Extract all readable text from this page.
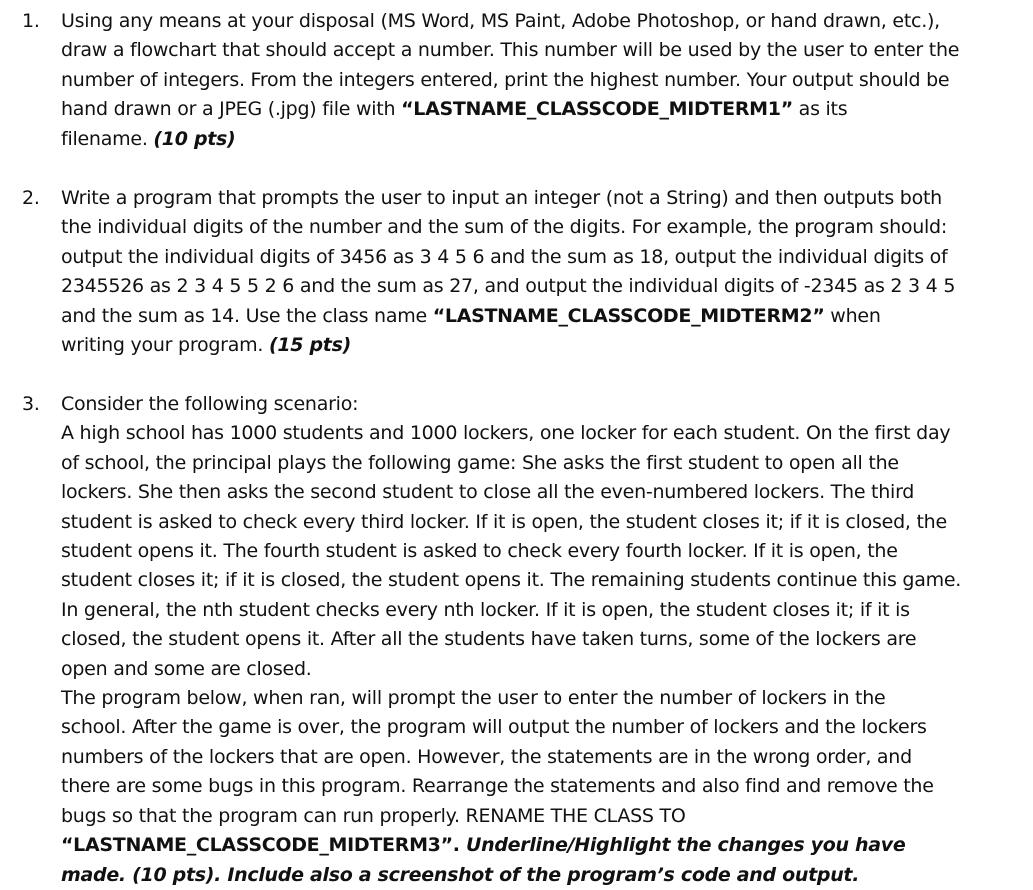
1. Using any means at your disposal (MS Word, MS Paint, Adobe Photoshop, or hand drawn, etc.),
draw a flowchart that should accept a number. This number will be used by the user to enter the
number of integers. From the integers entered, print the highest number. Your output should be
hand drawn or a JPEG (.jpg) file with “LASTNAME_CLASSCODE_MIDTERM1” as its
filename. (10 pts)
2. Write a program that prompts the user to input an integer (not a String) and then outputs both
the individual digits of the number and the sum of the digits. For example, the program should:
output the individual digits of 3456 as 3 4 5 6 and the sum as 18, output the individual digits of
2345526 as 2 3 4 5 5 2 6 and the sum as 27, and output the individual digits of -2345 as 2 3 4 5
and the sum as 14. Use the class name “LASTNAME_CLASSCODE_MIDTERM2” when
writing your program. (15 pts)
3. Consider the following scenario:
A high school has 1000 students and 1000 lockers, one locker for each student. On the first day
of school, the principal plays the following game: She asks the first student to open all the
lockers. She then asks the second student to close all the even-numbered lockers. The third
student is asked to check every third locker. If it is open, the student closes it; if it is closed, the
student opens it. The fourth student is asked to check every fourth locker. If it is open, the
student closes it; if it is closed, the student opens it. The remaining students continue this game.
In general, the nth student checks every nth locker. If it is open, the student closes it; if it is
closed, the student opens it. After all the students have taken turns, some of the lockers are
open and some are closed.
The program below, when ran, will prompt the user to enter the number of lockers in the
school. After the game is over, the program will output the number of lockers and the lockers
numbers of the lockers that are open. However, the statements are in the wrong order, and
there are some bugs in this program. Rearrange the statements and also find and remove the
bugs so that the program can run properly. RENAME THE CLASS TO
“LASTNAME_CLASSCODE_MIDTERM3”. Underline/Highlight the changes you have
made. (10 pts). Include also a screenshot of the program’s code and output.
